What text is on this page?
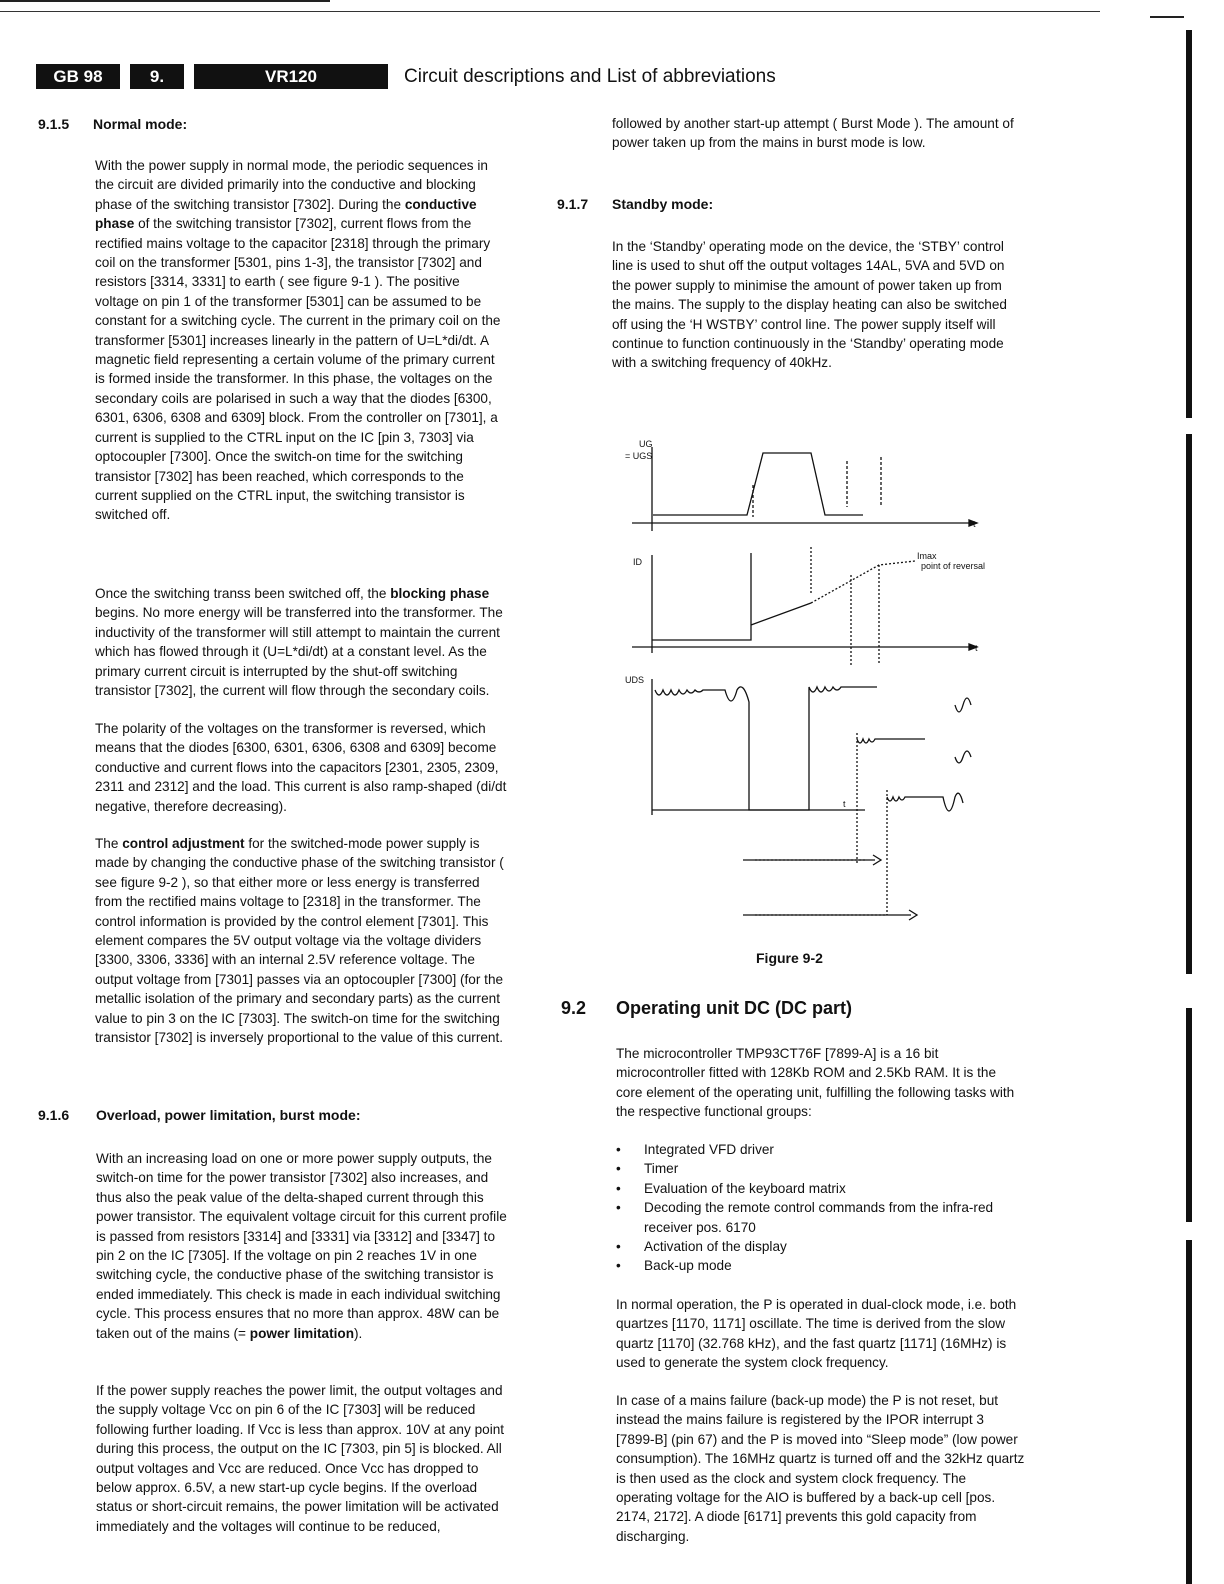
GB 98	9.	VR120	Circuit descriptions and List of abbreviations
9.1.5 Normal mode:
With the power supply in normal mode, the periodic sequences in the circuit are divided primarily into the conductive and blocking phase of the switching transistor [7302]. During the conductive phase of the switching transistor [7302], current flows from the rectified mains voltage to the capacitor [2318] through the primary coil on the transformer [5301, pins 1-3], the transistor [7302] and resistors [3314, 3331] to earth ( see figure 9-1 ). The positive voltage on pin 1 of the transformer [5301] can be assumed to be constant for a switching cycle. The current in the primary coil on the transformer [5301] increases linearly in the pattern of U=L*di/dt. A magnetic field representing a certain volume of the primary current is formed inside the transformer. In this phase, the voltages on the secondary coils are polarised in such a way that the diodes [6300, 6301, 6306, 6308 and 6309] block. From the controller on [7301], a current is supplied to the CTRL input on the IC [pin 3, 7303] via optocoupler [7300]. Once the switch-on time for the switching transistor [7302] has been reached, which corresponds to the current supplied on the CTRL input, the switching transistor is switched off.
Once the switching transs been switched off, the blocking phase begins. No more energy will be transferred into the transformer. The inductivity of the transformer will still attempt to maintain the current which has flowed through it (U=L*di/dt) at a constant level. As the primary current circuit is interrupted by the shut-off switching transistor [7302], the current will flow through the secondary coils.
The polarity of the voltages on the transformer is reversed, which means that the diodes [6300, 6301, 6306, 6308 and 6309] become conductive and current flows into the capacitors [2301, 2305, 2309, 2311 and 2312] and the load. This current is also ramp-shaped (di/dt negative, therefore decreasing).
The control adjustment for the switched-mode power supply is made by changing the conductive phase of the switching transistor ( see figure 9-2 ), so that either more or less energy is transferred from the rectified mains voltage to [2318] in the transformer. The control information is provided by the control element [7301]. This element compares the 5V output voltage via the voltage dividers [3300, 3306, 3336] with an internal 2.5V reference voltage. The output voltage from [7301] passes via an optocoupler [7300] (for the metallic isolation of the primary and secondary parts) as the current value to pin 3 on the IC [7303]. The switch-on time for the switching transistor [7302] is inversely proportional to the value of this current.
9.1.6 Overload, power limitation, burst mode:
With an increasing load on one or more power supply outputs, the switch-on time for the power transistor [7302] also increases, and thus also the peak value of the delta-shaped current through this power transistor. The equivalent voltage circuit for this current profile is passed from resistors [3314] and [3331] via [3312] and [3347] to pin 2 on the IC [7305]. If the voltage on pin 2 reaches 1V in one switching cycle, the conductive phase of the switching transistor is ended immediately. This check is made in each individual switching cycle. This process ensures that no more than approx. 48W can be taken out of the mains (= power limitation).
If the power supply reaches the power limit, the output voltages and the supply voltage Vcc on pin 6 of the IC [7303] will be reduced following further loading. If Vcc is less than approx. 10V at any point during this process, the output on the IC [7303, pin 5] is blocked. All output voltages and Vcc are reduced. Once Vcc has dropped to below approx. 6.5V, a new start-up cycle begins. If the overload status or short-circuit remains, the power limitation will be activated immediately and the voltages will continue to be reduced,
followed by another start-up attempt ( Burst Mode ). The amount of power taken up from the mains in burst mode is low.
9.1.7 Standby mode:
In the ‘Standby’ operating mode on the device, the ‘STBY’ control line is used to shut off the output voltages 14AL, 5VA and 5VD on the power supply to minimise the amount of power taken up from the mains. The supply to the display heating can also be switched off using the ‘H WSTBY’ control line. The power supply itself will continue to function continuously in the ‘Standby’ operating mode with a switching frequency of 40kHz.
UG
= UGS
ID
UDS
t
t
t
Imax
point of reversal
Figure 9-2
9.2 Operating unit DC (DC part)
The microcontroller TMP93CT76F [7899-A] is a 16 bit microcontroller fitted with 128Kb ROM and 2.5Kb RAM. It is the core element of the operating unit, fulfilling the following tasks with the respective functional groups:
• Integrated VFD driver
• Timer
• Evaluation of the keyboard matrix
• Decoding the remote control commands from the infra-red receiver pos. 6170
• Activation of the display
• Back-up mode
In normal operation, the P is operated in dual-clock mode, i.e. both quartzes [1170, 1171] oscillate. The time is derived from the slow quartz [1170] (32.768 kHz), and the fast quartz [1171] (16MHz) is used to generate the system clock frequency.
In case of a mains failure (back-up mode) the P is not reset, but instead the mains failure is registered by the IPOR interrupt 3 [7899-B] (pin 67) and the P is moved into “Sleep mode” (low power consumption). The 16MHz quartz is turned off and the 32kHz quartz is then used as the clock and system clock frequency. The operating voltage for the AIO is buffered by a back-up cell [pos. 2174, 2172]. A diode [6171] prevents this gold capacity from discharging.
